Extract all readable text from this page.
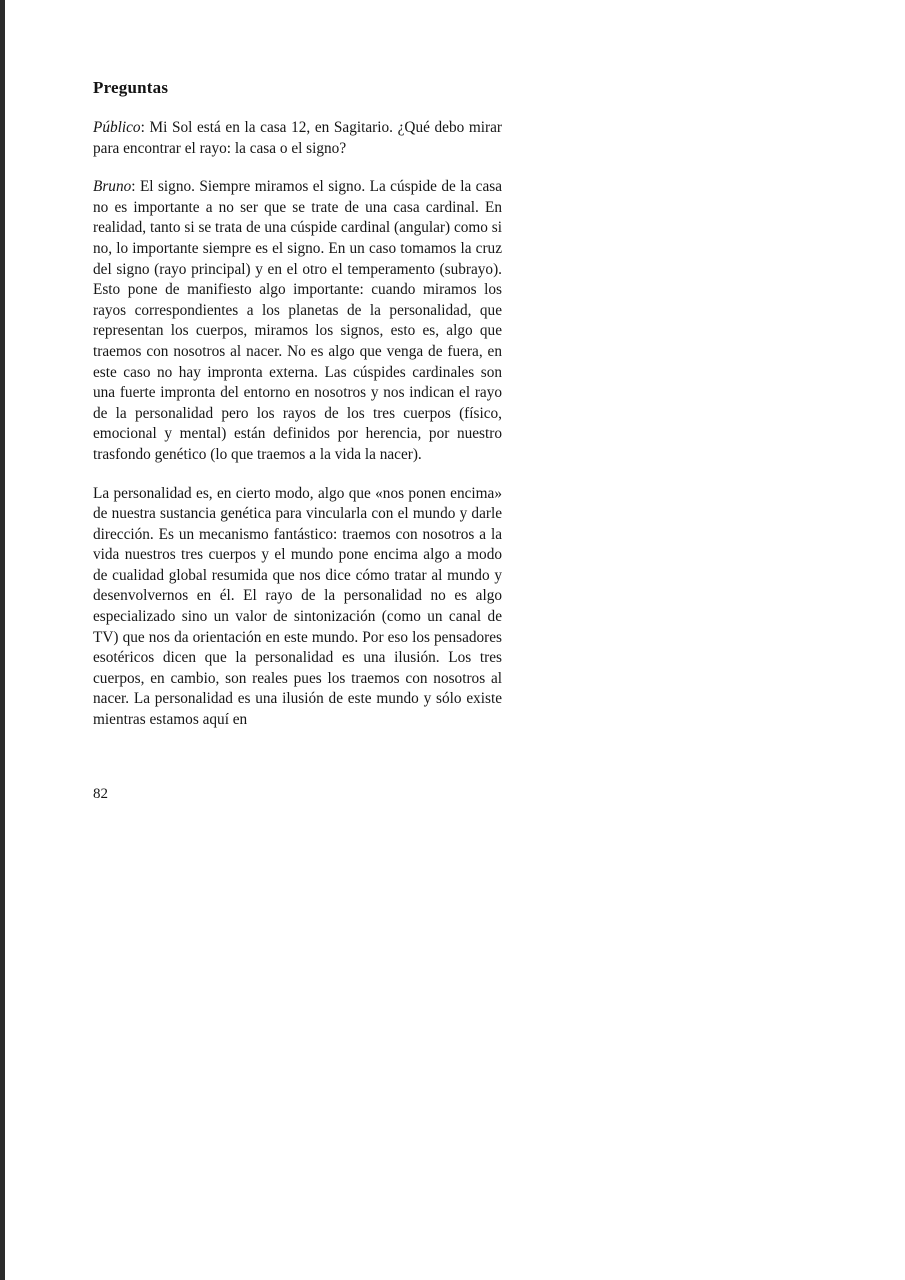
Preguntas

Público: Mi Sol está en la casa 12, en Sagitario. ¿Qué debo mirar para encontrar el rayo: la casa o el signo?

Bruno: El signo. Siempre miramos el signo. La cúspide de la casa no es importante a no ser que se trate de una casa cardinal. En realidad, tanto si se trata de una cúspide cardinal (angular) como si no, lo importante siempre es el signo. En un caso tomamos la cruz del signo (rayo principal) y en el otro el temperamento (subrayo). Esto pone de manifiesto algo importante: cuando miramos los rayos correspondientes a los planetas de la personalidad, que representan los cuerpos, miramos los signos, esto es, algo que traemos con nosotros al nacer. No es algo que venga de fuera, en este caso no hay impronta externa. Las cúspides cardinales son una fuerte impronta del entorno en nosotros y nos indican el rayo de la personalidad pero los rayos de los tres cuerpos (físico, emocional y mental) están definidos por herencia, por nuestro trasfondo genético (lo que traemos a la vida la nacer).

La personalidad es, en cierto modo, algo que «nos ponen encima» de nuestra sustancia genética para vincularla con el mundo y darle dirección. Es un mecanismo fantástico: traemos con nosotros a la vida nuestros tres cuerpos y el mundo pone encima algo a modo de cualidad global resumida que nos dice cómo tratar al mundo y desenvolvernos en él. El rayo de la personalidad no es algo especializado sino un valor de sintonización (como un canal de TV) que nos da orientación en este mundo. Por eso los pensadores esotéricos dicen que la personalidad es una ilusión. Los tres cuerpos, en cambio, son reales pues los traemos con nosotros al nacer. La personalidad es una ilusión de este mundo y sólo existe mientras estamos aquí en

82
